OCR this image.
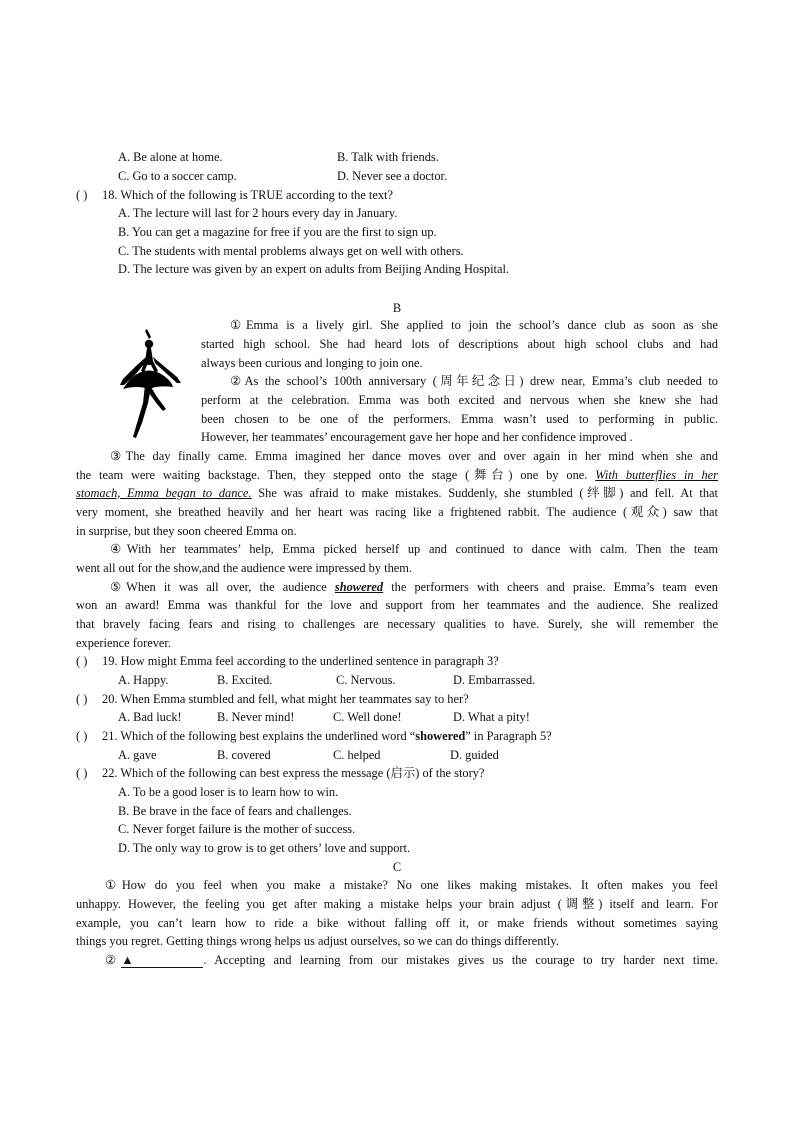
A. Be alone at home.	B. Talk with friends.
C. Go to a soccer camp.	D. Never see a doctor.
( ) 18. Which of the following is TRUE according to the text?
A. The lecture will last for 2 hours every day in January.
B. You can get a magazine for free if you are the first to sign up.
C. The students with mental problems always get on well with others.
D. The lecture was given by an expert on adults from Beijing Anding Hospital.
B
①Emma is a lively girl. She applied to join the school’s dance club as soon as she
started high school. She had heard lots of descriptions about high school clubs and had
always been curious and longing to join one.
②As the school’s 100th anniversary (周年纪念日) drew near, Emma’s club needed to
perform at the celebration. Emma was both excited and nervous when she knew she had
been chosen to be one of the performers. Emma wasn’t used to performing in public.
However, her teammates’ encouragement gave her hope and her confidence improved .
③The day finally came. Emma imagined her dance moves over and over again in her mind when she and
the team were waiting backstage. Then, they stepped onto the stage (舞台) one by one. With butterflies in her
stomach, Emma began to dance. She was afraid to make mistakes. Suddenly, she stumbled (绊脚) and fell. At that
very moment, she breathed heavily and her heart was racing like a frightened rabbit. The audience (观众) saw that
in surprise, but they soon cheered Emma on.
④With her teammates’ help, Emma picked herself up and continued to dance with calm. Then the team
went all out for the show,and the audience were impressed by them.
⑤When it was all over, the audience showered the performers with cheers and praise. Emma’s team even
won an award! Emma was thankful for the love and support from her teammates and the audience. She realized
that bravely facing fears and rising to challenges are necessary qualities to have. Surely, she will remember the
experience forever.
( ) 19. How might Emma feel according to the underlined sentence in paragraph 3?
A. Happy.	B. Excited.	C. Nervous.	D. Embarrassed.
( ) 20. When Emma stumbled and fell, what might her teammates say to her?
A. Bad luck!	B. Never mind!	C. Well done!	D. What a pity!
( ) 21. Which of the following best explains the underlined word “showered” in Paragraph 5?
A. gave	B. covered	C. helped	D. guided
( ) 22. Which of the following can best express the message (启示) of the story?
A. To be a good loser is to learn how to win.
B. Be brave in the face of fears and challenges.
C. Never forget failure is the mother of success.
D. The only way to grow is to get others’ love and support.
C
①How do you feel when you make a mistake? No one likes making mistakes. It often makes you feel
unhappy. However, the feeling you get after making a mistake helps your brain adjust (调整) itself and learn. For
example, you can’t learn how to ride a bike without falling off it, or make friends without sometimes saying
things you regret. Getting things wrong helps us adjust ourselves, so we can do things differently.
②▲	. Accepting and learning from our mistakes gives us the courage to try harder next time.
